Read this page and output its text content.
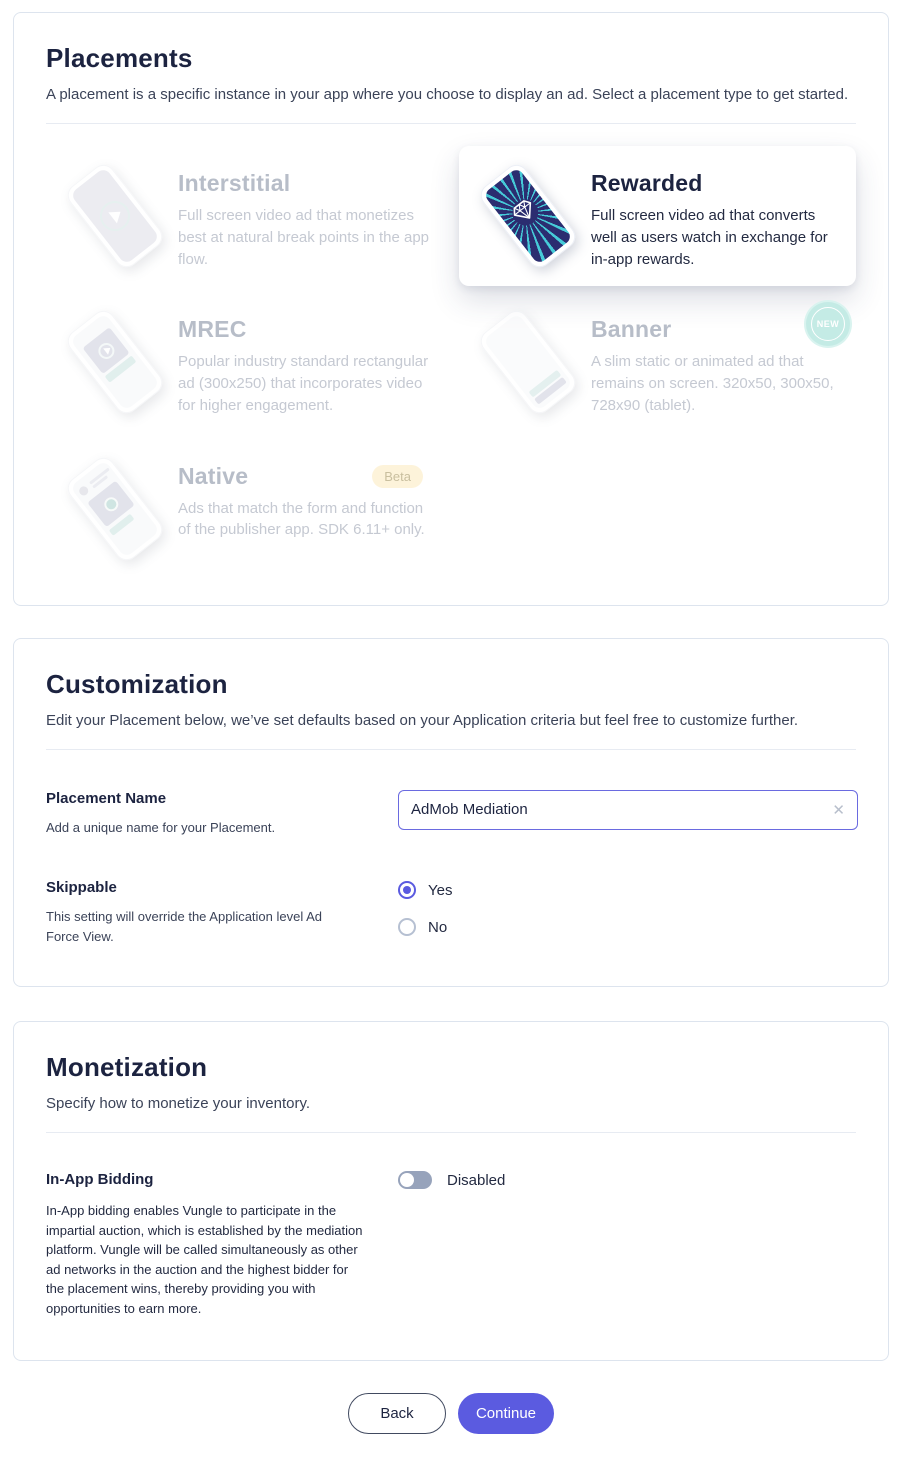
Placements
A placement is a specific instance in your app where you choose to display an ad. Select a placement type to get started.
Interstitial
Full screen video ad that monetizes best at natural break points in the app flow.
Rewarded
Full screen video ad that converts well as users watch in exchange for in-app rewards.
MREC
Popular industry standard rectangular ad (300x250) that incorporates video for higher engagement.
Banner
A slim static or animated ad that remains on screen. 320x50, 300x50, 728x90 (tablet).
NEW
Native	Beta
Ads that match the form and function of the publisher app. SDK 6.11+ only.
Customization
Edit your Placement below, we’ve set defaults based on your Application criteria but feel free to customize further.
Placement Name
Add a unique name for your Placement.
AdMob Mediation
✕
Skippable
This setting will override the Application level Ad Force View.
Yes
No
Monetization
Specify how to monetize your inventory.
In-App Bidding
In-App bidding enables Vungle to participate in the impartial auction, which is established by the mediation platform. Vungle will be called simultaneously as other ad networks in the auction and the highest bidder for the placement wins, thereby providing you with opportunities to earn more.
Disabled
Back	Continue
